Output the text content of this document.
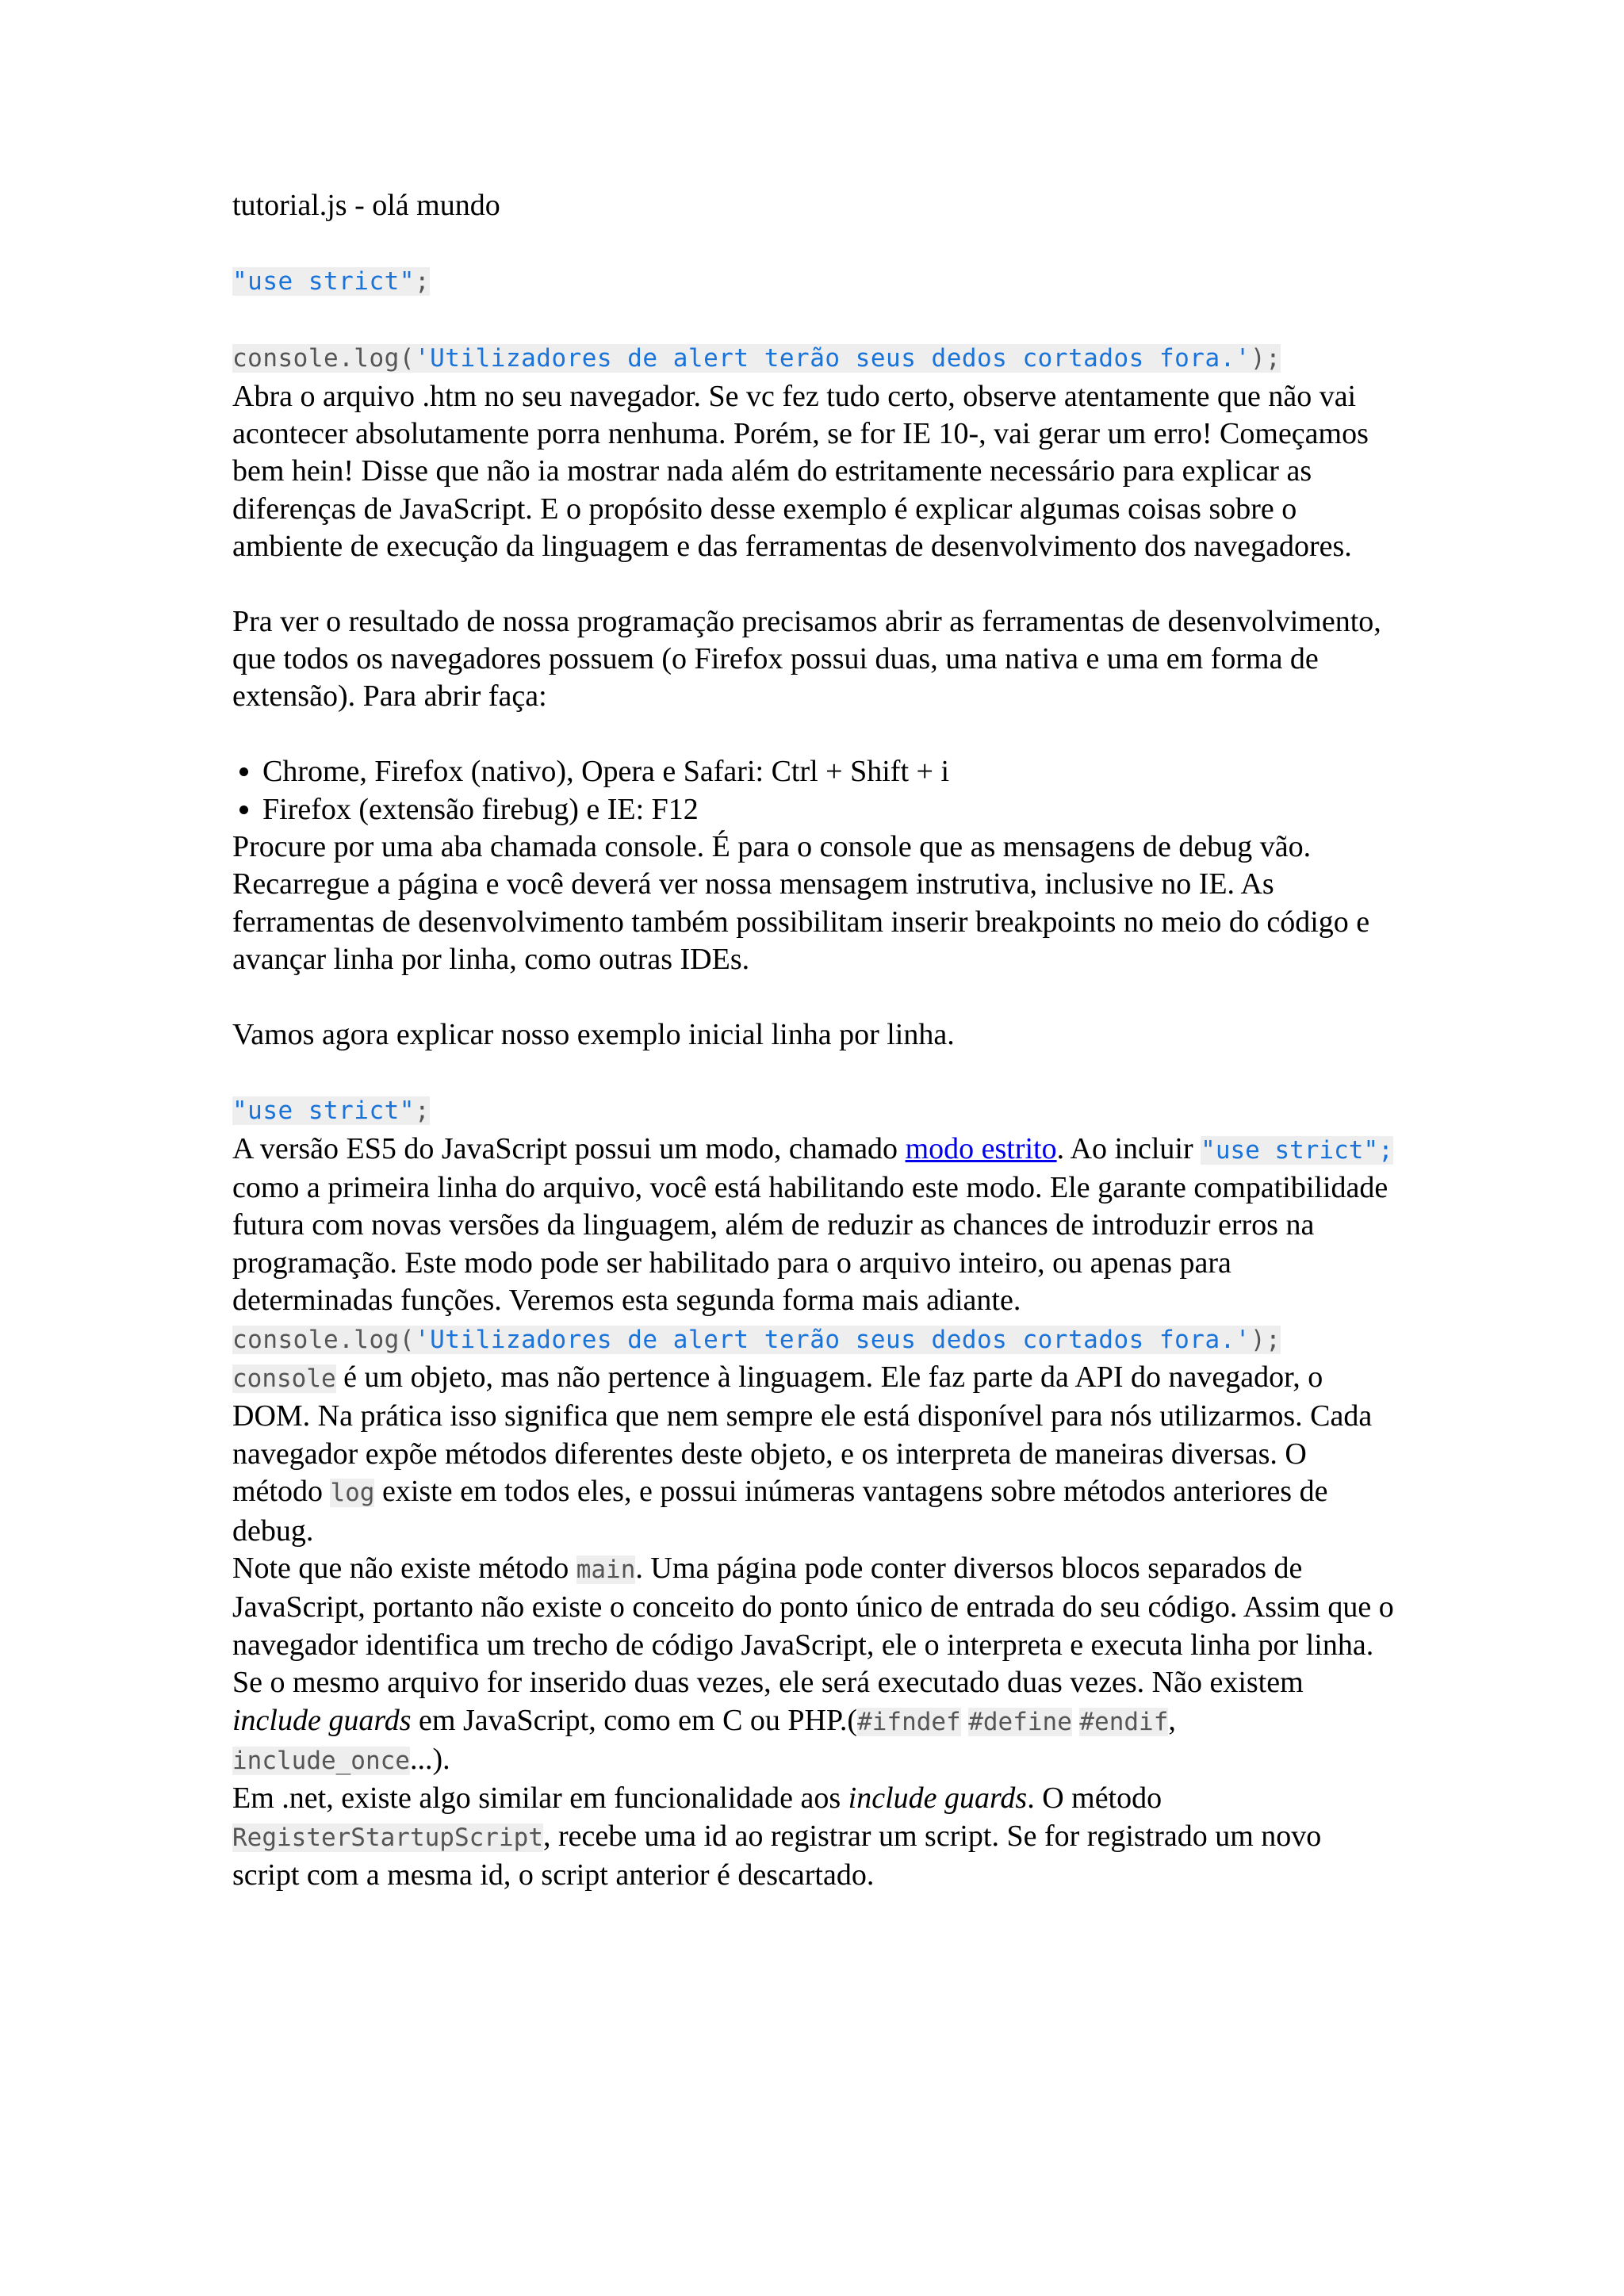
tutorial.js - olá mundo

"use strict";

console.log('Utilizadores de alert terão seus dedos cortados fora.');

Abra o arquivo .htm no seu navegador. Se vc fez tudo certo, observe atentamente que não vai acontecer absolutamente porra nenhuma. Porém, se for IE 10-, vai gerar um erro! Começamos bem hein! Disse que não ia mostrar nada além do estritamente necessário para explicar as diferenças de JavaScript. E o propósito desse exemplo é explicar algumas coisas sobre o ambiente de execução da linguagem e das ferramentas de desenvolvimento dos navegadores.

Pra ver o resultado de nossa programação precisamos abrir as ferramentas de desenvolvimento, que todos os navegadores possuem (o Firefox possui duas, uma nativa e uma em forma de extensão). Para abrir faça:

• Chrome, Firefox (nativo), Opera e Safari: Ctrl + Shift + i
• Firefox (extensão firebug) e IE: F12

Procure por uma aba chamada console. É para o console que as mensagens de debug vão. Recarregue a página e você deverá ver nossa mensagem instrutiva, inclusive no IE. As ferramentas de desenvolvimento também possibilitam inserir breakpoints no meio do código e avançar linha por linha, como outras IDEs.

Vamos agora explicar nosso exemplo inicial linha por linha.

"use strict";

A versão ES5 do JavaScript possui um modo, chamado modo estrito. Ao incluir "use strict"; como a primeira linha do arquivo, você está habilitando este modo. Ele garante compatibilidade futura com novas versões da linguagem, além de reduzir as chances de introduzir erros na programação. Este modo pode ser habilitado para o arquivo inteiro, ou apenas para determinadas funções. Veremos esta segunda forma mais adiante.

console.log('Utilizadores de alert terão seus dedos cortados fora.');

console é um objeto, mas não pertence à linguagem. Ele faz parte da API do navegador, o DOM. Na prática isso significa que nem sempre ele está disponível para nós utilizarmos. Cada navegador expõe métodos diferentes deste objeto, e os interpreta de maneiras diversas. O método log existe em todos eles, e possui inúmeras vantagens sobre métodos anteriores de debug.

Note que não existe método main. Uma página pode conter diversos blocos separados de JavaScript, portanto não existe o conceito do ponto único de entrada do seu código. Assim que o navegador identifica um trecho de código JavaScript, ele o interpreta e executa linha por linha. Se o mesmo arquivo for inserido duas vezes, ele será executado duas vezes. Não existem include guards em JavaScript, como em C ou PHP.(#ifndef #define #endif, include_once...).

Em .net, existe algo similar em funcionalidade aos include guards. O método RegisterStartupScript, recebe uma id ao registrar um script. Se for registrado um novo script com a mesma id, o script anterior é descartado.
